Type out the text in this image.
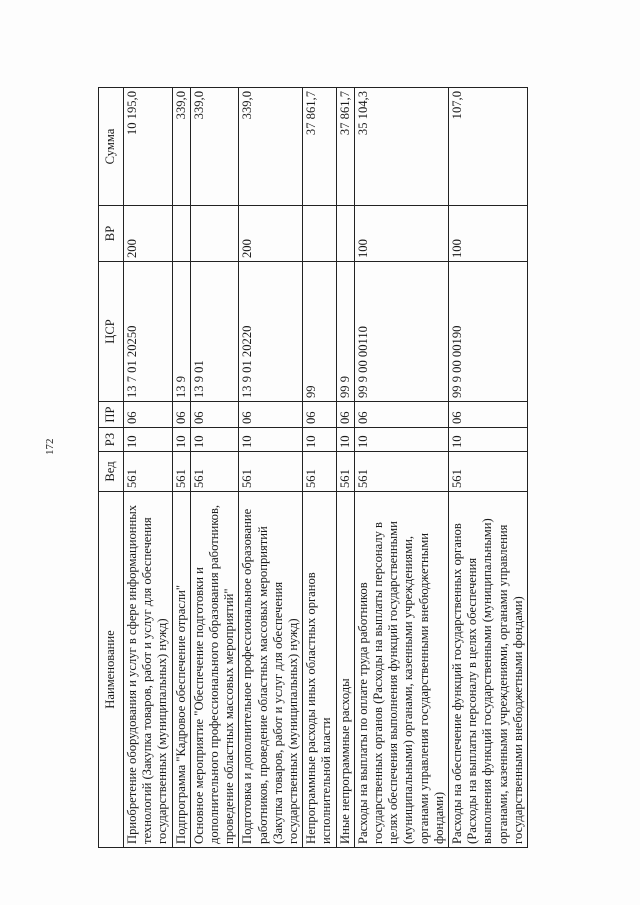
172
Наименование	Вед	РЗ	ПР	ЦСР	ВР	Сумма
Приобретение оборудования и услуг в сфере информационных технологий (Закупка товаров, работ и услуг для обеспечения государственных (муниципальных) нужд)	561	10	06	13 7 01 20250	200	10 195,0
Подпрограмма "Кадровое обеспечение отрасли"	561	10	06	13 9		339,0
Основное мероприятие "Обеспечение подготовки и дополнительного профессионального образования работников, проведение областных массовых мероприятий"	561	10	06	13 9 01		339,0
Подготовка и дополнительное профессиональное образование работников, проведение областных массовых мероприятий (Закупка товаров, работ и услуг для обеспечения государственных (муниципальных) нужд)	561	10	06	13 9 01 20220	200	339,0
Непрограммные расходы иных областных органов исполнительной власти	561	10	06	99		37 861,7
Иные непрограммные расходы	561	10	06	99 9		37 861,7
Расходы на выплаты по оплате труда работников государственных органов (Расходы на выплаты персоналу в целях обеспечения выполнения функций государственными (муниципальными) органами, казенными учреждениями, органами управления государственными внебюджетными фондами)	561	10	06	99 9 00 00110	100	35 104,3
Расходы на обеспечение функций государственных органов (Расходы на выплаты персоналу в целях обеспечения выполнения функций государственными (муниципальными) органами, казенными учреждениями, органами управления государственными внебюджетными фондами)	561	10	06	99 9 00 00190	100	107,0
